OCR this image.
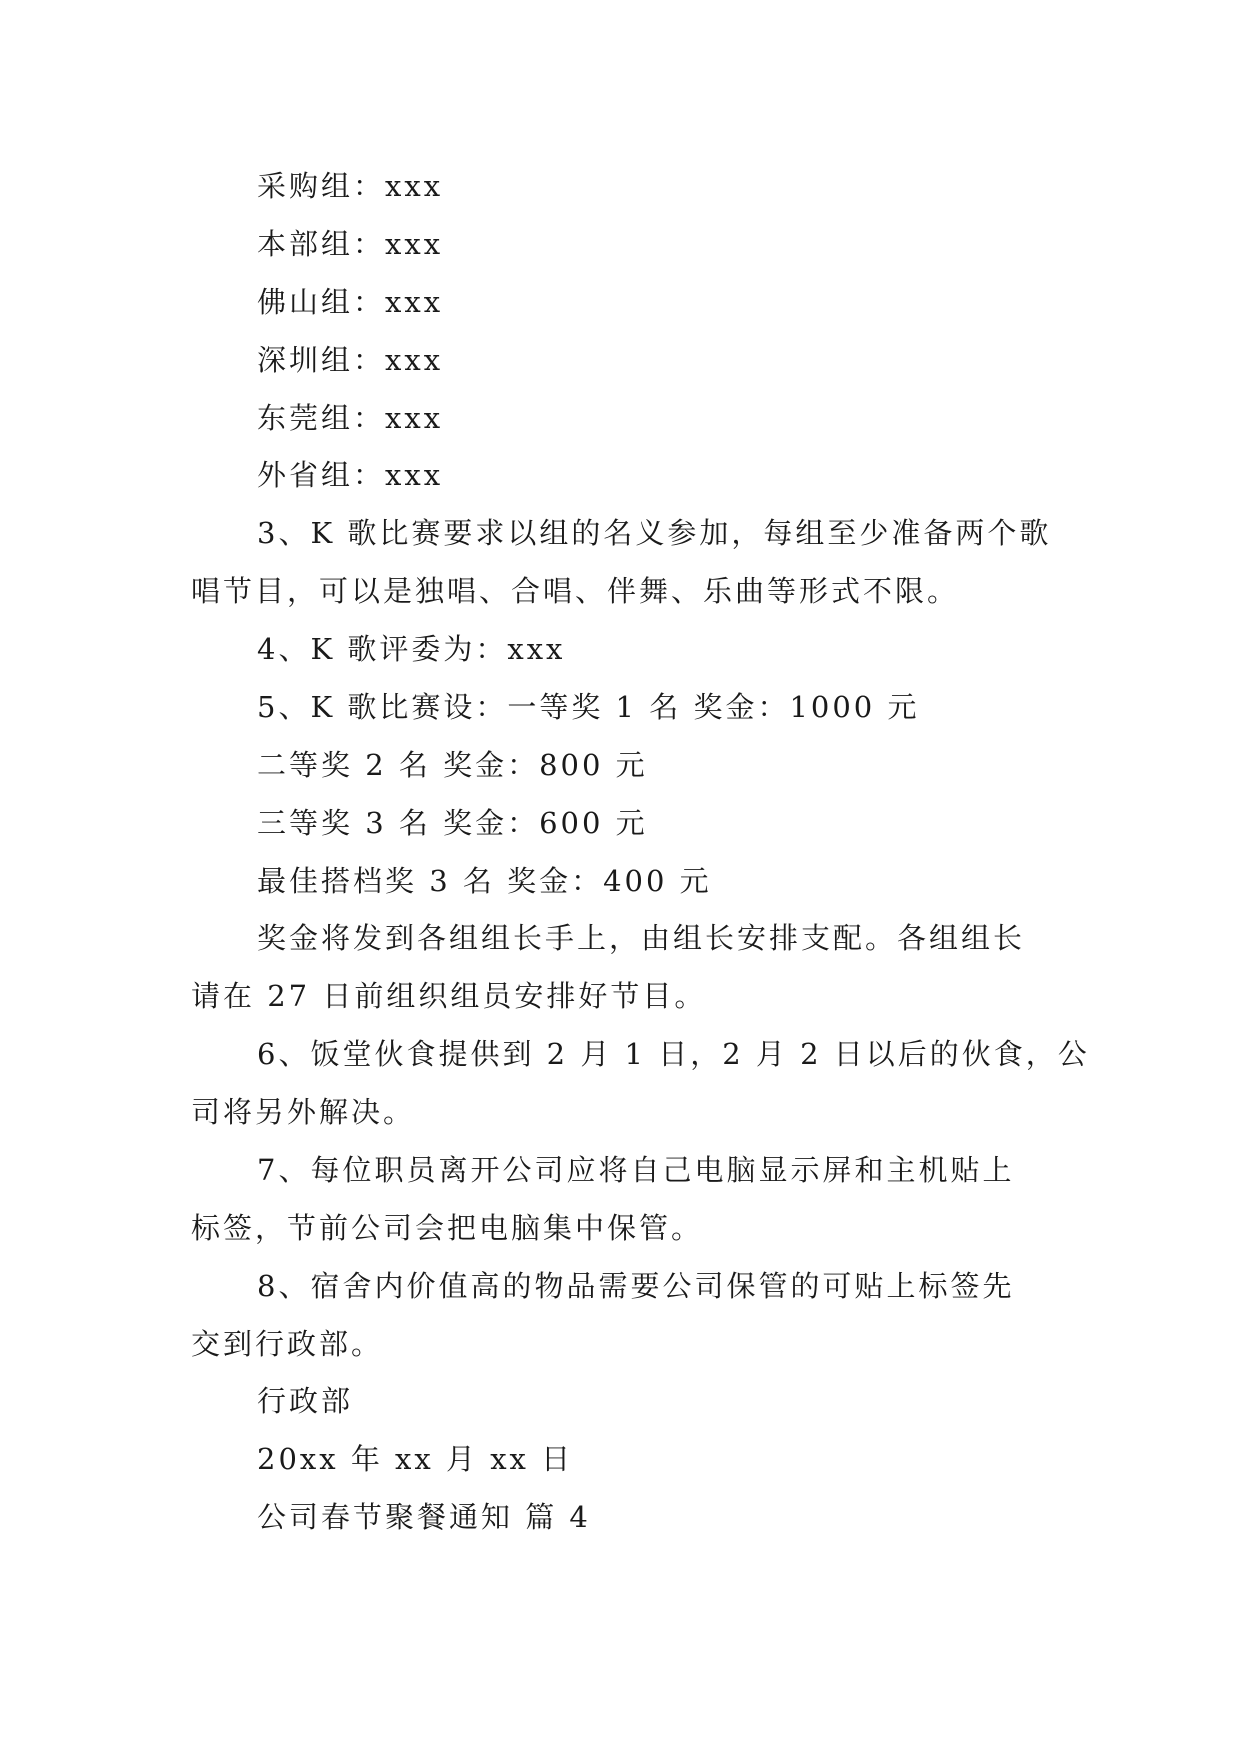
采购组：xxx
本部组：xxx
佛山组：xxx
深圳组：xxx
东莞组：xxx
外省组：xxx
3、K 歌比赛要求以组的名义参加，每组至少准备两个歌
唱节目，可以是独唱、合唱、伴舞、乐曲等形式不限。
4、K 歌评委为：xxx
5、K 歌比赛设：一等奖 1 名 奖金：1000 元
二等奖 2 名 奖金：800 元
三等奖 3 名 奖金：600 元
最佳搭档奖 3 名 奖金：400 元
奖金将发到各组组长手上，由组长安排支配。各组组长
请在 27 日前组织组员安排好节目。
6、饭堂伙食提供到 2 月 1 日，2 月 2 日以后的伙食，公
司将另外解决。
7、每位职员离开公司应将自己电脑显示屏和主机贴上
标签，节前公司会把电脑集中保管。
8、宿舍内价值高的物品需要公司保管的可贴上标签先
交到行政部。
行政部
20xx 年 xx 月 xx 日
公司春节聚餐通知 篇 4
